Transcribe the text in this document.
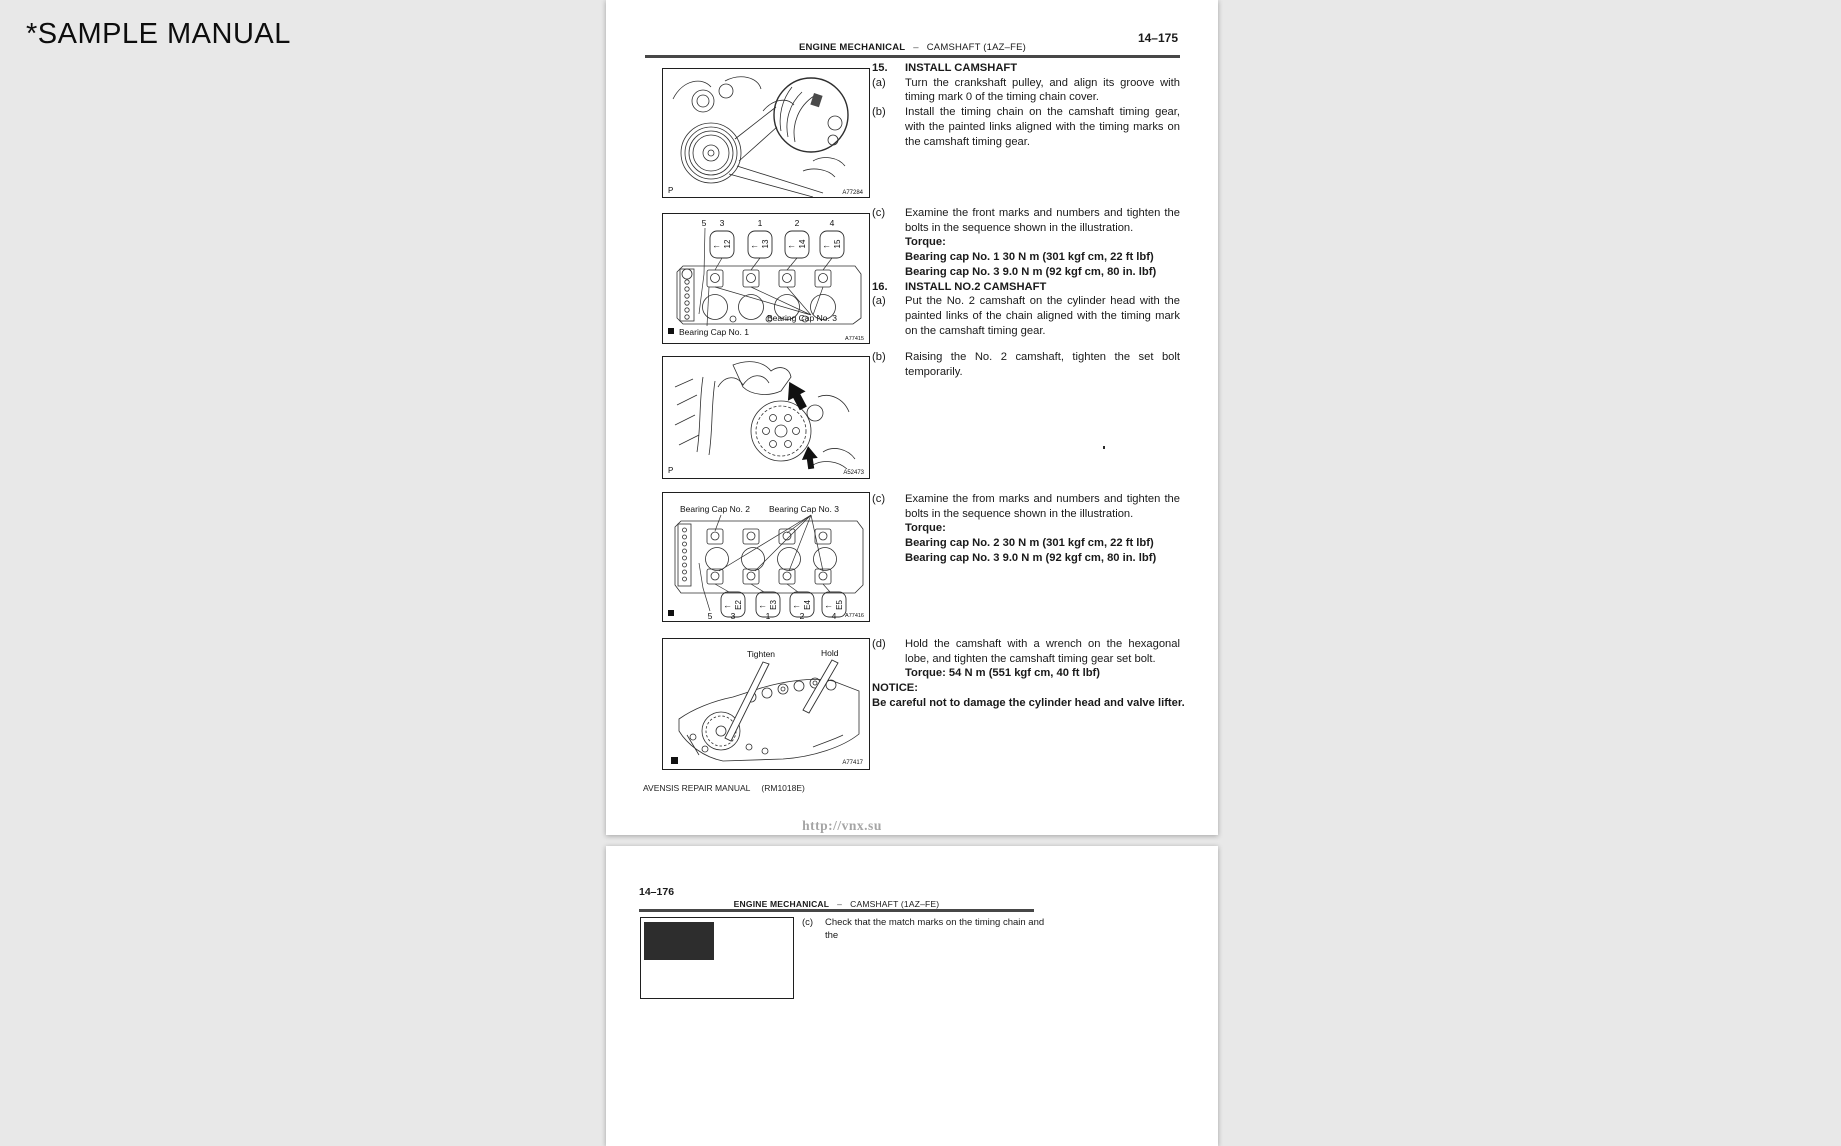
*SAMPLE MANUAL	14–175
ENGINE MECHANICAL – CAMSHAFT (1AZ–FE)
P	A77284
5 3	1	2	4
←	←	←	←
12	13	14	15
Bearing Cap No. 1
Bearing Cap No. 3
A77415
P	A52473
Bearing Cap No. 2 Bearing Cap No. 3
←	←	←	←
E2	E3	E4	E5
5 3	1	2	4 A77416
Tighten	Hold
A77417
15.	INSTALL CAMSHAFT
(a)	Turn the crankshaft pulley, and align its groove with timing mark 0 of the timing chain cover.
(b)	Install the timing chain on the camshaft timing gear, with the painted links aligned with the timing marks on the camshaft timing gear.
(c)	Examine the front marks and numbers and tighten the bolts in the sequence shown in the illustration.
Torque:
Bearing cap No. 1 30 N m (301 kgf cm, 22 ft lbf)
Bearing cap No. 3 9.0 N m (92 kgf cm, 80 in. lbf)
16.	INSTALL NO.2 CAMSHAFT
(a)	Put the No. 2 camshaft on the cylinder head with the painted links of the chain aligned with the timing mark on the camshaft timing gear.
(b)	Raising the No. 2 camshaft, tighten the set bolt temporarily.
(c)	Examine the from marks and numbers and tighten the bolts in the sequence shown in the illustration.
Torque:
Bearing cap No. 2 30 N m (301 kgf cm, 22 ft lbf)
Bearing cap No. 3 9.0 N m (92 kgf cm, 80 in. lbf)
(d)	Hold the camshaft with a wrench on the hexagonal lobe, and tighten the camshaft timing gear set bolt.
Torque: 54 N m (551 kgf cm, 40 ft lbf)
NOTICE:
Be careful not to damage the cylinder head and valve lifter.
AVENSIS REPAIR MANUAL (RM1018E)
http://vnx.su
14–176
ENGINE MECHANICAL – CAMSHAFT (1AZ–FE)
(c)	Check that the match marks on the timing chain and the
